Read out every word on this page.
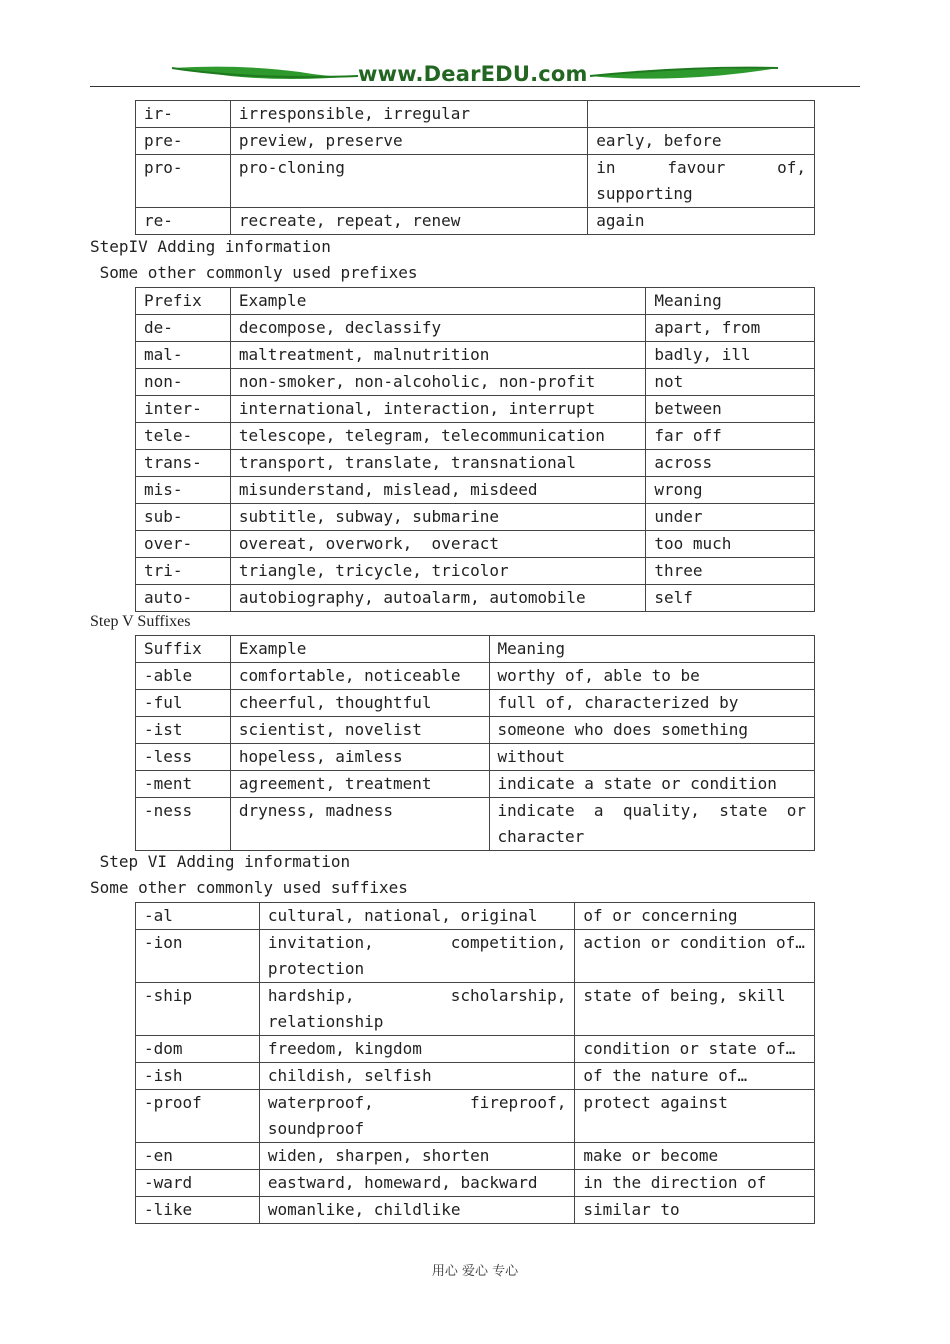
www.DearEDU.com
ir-	irresponsible, irregular	
pre-	preview, preserve	early, before
pro-	pro-cloning	in favour of, supporting
re-	recreate, repeat, renew	again
StepIV Adding information
Some other commonly used prefixes
Prefix	Example	Meaning
de-	decompose, declassify	apart, from
mal-	maltreatment, malnutrition	badly, ill
non-	non-smoker, non-alcoholic, non-profit	not
inter-	international, interaction, interrupt	between
tele-	telescope, telegram, telecommunication	far off
trans-	transport, translate, transnational	across
mis-	misunderstand, mislead, misdeed	wrong
sub-	subtitle, subway, submarine	under
over-	overeat, overwork,  overact	too much
tri-	triangle, tricycle, tricolor	three
auto-	autobiography, autoalarm, automobile	self
Step V Suffixes
Suffix	Example	Meaning
-able	comfortable, noticeable	worthy of, able to be
-ful	cheerful, thoughtful	full of, characterized by
-ist	scientist, novelist	someone who does something
-less	hopeless, aimless	without
-ment	agreement, treatment	indicate a state or condition
-ness	dryness, madness	indicate a quality, state or character
Step VI Adding information
Some other commonly used suffixes
-al	cultural, national, original	of or concerning
-ion	invitation, competition, protection	action or condition of…
-ship	hardship, scholarship, relationship	state of being, skill
-dom	freedom, kingdom	condition or state of…
-ish	childish, selfish	of the nature of…
-proof	waterproof, fireproof, soundproof	protect against
-en	widen, sharpen, shorten	make or become
-ward	eastward, homeward, backward	in the direction of
-like	womanlike, childlike	similar to
用心 爱心 专心
